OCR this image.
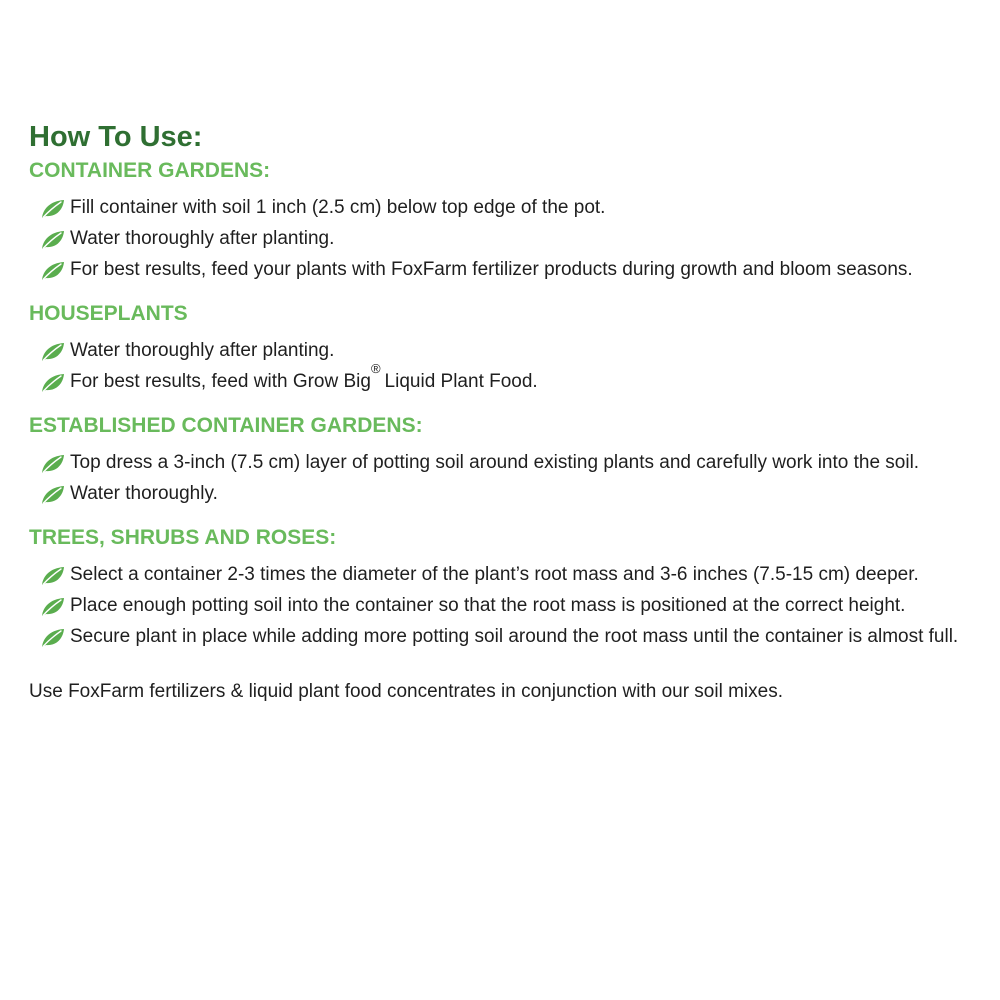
How To Use:
CONTAINER GARDENS:
Fill container with soil 1 inch (2.5 cm) below top edge of the pot.
Water thoroughly after planting.
For best results, feed your plants with FoxFarm fertilizer products during growth and bloom seasons.
HOUSEPLANTS
Water thoroughly after planting.
For best results, feed with Grow Big®Liquid Plant Food.
ESTABLISHED CONTAINER GARDENS:
Top dress a 3-inch (7.5 cm) layer of potting soil around existing plants and carefully work into the soil.
Water thoroughly.
TREES, SHRUBS AND ROSES:
Select a container 2-3 times the diameter of the plant’s root mass and 3-6 inches (7.5-15 cm) deeper.
Place enough potting soil into the container so that the root mass is positioned at the correct height.
Secure plant in place while adding more potting soil around the root mass until the container is almost full.

Use FoxFarm fertilizers & liquid plant food concentrates in conjunction with our soil mixes.
